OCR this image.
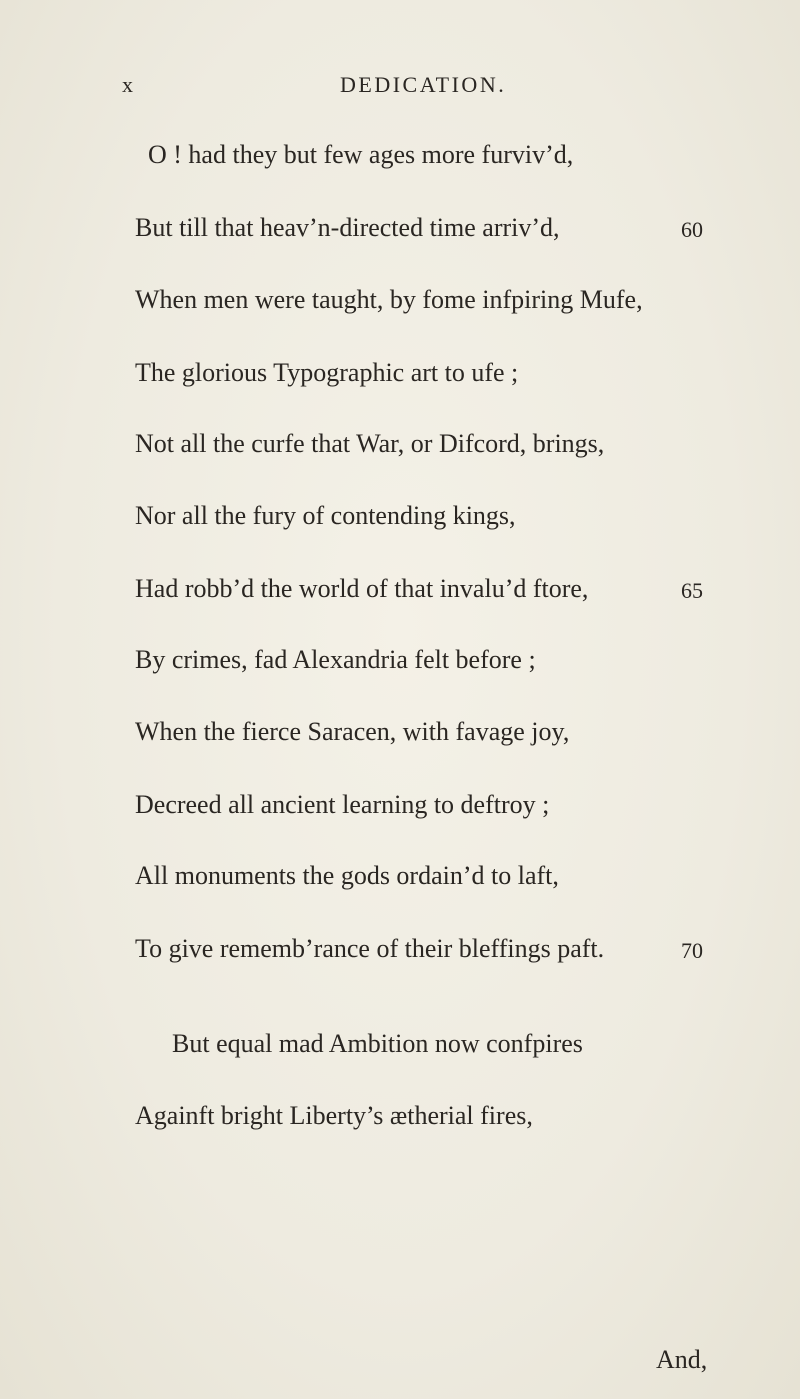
x	DEDICATION.
O ! had they but few ages more furviv’d,
But till that heav’n-directed time arriv’d,	60
When men were taught, by fome infpiring Mufe,
The glorious Typographic art to ufe ;
Not all the curfe that War, or Difcord, brings,
Nor all the fury of contending kings,
Had robb’d the world of that invalu’d ftore,	65
By crimes, fad Alexandria felt before ;
When the fierce Saracen, with favage joy,
Decreed all ancient learning to deftroy ;
All monuments the gods ordain’d to laft,
To give rememb’rance of their bleffings paft.	70
But equal mad Ambition now confpires
Againft bright Liberty’s ætherial fires,
And,
